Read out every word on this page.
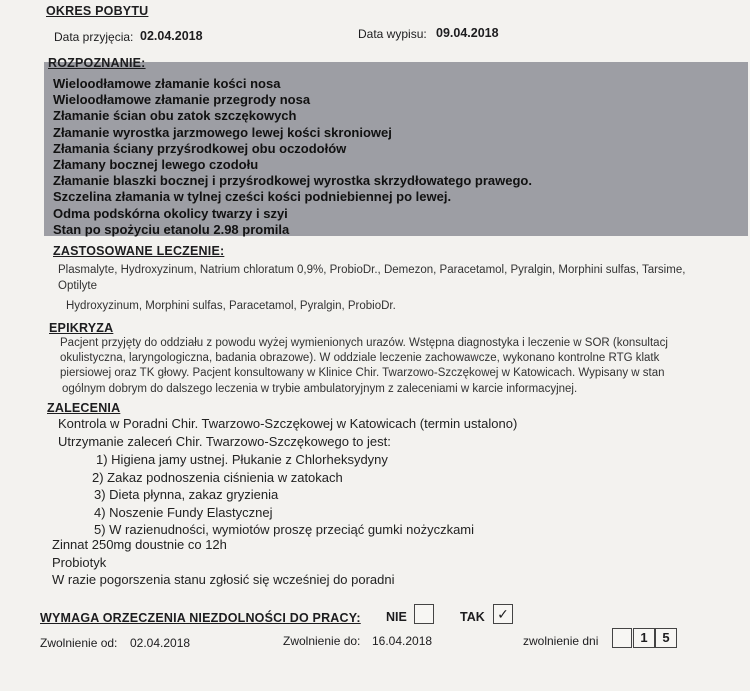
OKRES POBYTU
Data przyjęcia: 02.04.2018	Data wypisu: 09.04.2018
ROZPOZNANIE:
Wieloodłamowe złamanie kości nosa
Wieloodłamowe złamanie przegrody nosa
Złamanie ścian obu zatok szczękowych
Złamanie wyrostka jarzmowego lewej kości skroniowej
Złamania ściany przyśrodkowej obu oczodołów
Złamany bocznej lewego czodołu
Złamanie blaszki bocznej i przyśrodkowej wyrostka skrzydłowatego prawego.
Szczelina złamania w tylnej cześci kości podniebiennej po lewej.
Odma podskórna okolicy twarzy i szyi
Stan po spożyciu etanolu 2.98 promila
ZASTOSOWANE LECZENIE:
Plasmalyte, Hydroxyzinum, Natrium chloratum 0,9%, ProbioDr., Demezon, Paracetamol, Pyralgin, Morphini sulfas, Tarsime,
Optilyte
Hydroxyzinum, Morphini sulfas, Paracetamol, Pyralgin, ProbioDr.
EPIKRYZA
Pacjent przyjęty do oddziału z powodu wyżej wymienionych urazów. Wstępna diagnostyka i leczenie w SOR (konsultacj
okulistyczna, laryngologiczna, badania obrazowe). W oddziale leczenie zachowawcze, wykonano kontrolne RTG klatk
piersiowej oraz TK głowy. Pacjent konsultowany w Klinice Chir. Twarzowo-Szczękowej w Katowicach. Wypisany w stan
ogólnym dobrym do dalszego leczenia w trybie ambulatoryjnym z zaleceniami w karcie informacyjnej.
ZALECENIA
Kontrola w Poradni Chir. Twarzowo-Szczękowej w Katowicach (termin ustalono)
Utrzymanie zaleceń Chir. Twarzowo-Szczękowego to jest:
1) Higiena jamy ustnej. Płukanie z Chlorheksydyny
2) Zakaz podnoszenia ciśnienia w zatokach
3) Dieta płynna, zakaz gryzienia
4) Noszenie Fundy Elastycznej
5) W razienudności, wymiotów proszę przeciąć gumki nożyczkami
Zinnat 250mg doustnie co 12h
Probiotyk
W razie pogorszenia stanu zgłosić się wcześniej do poradni
WYMAGA ORZECZENIA NIEZDOLNOŚCI DO PRACY: NIE	TAK ✓
Zwolnienie od: 02.04.2018	Zwolnienie do: 16.04.2018	zwolnienie dni	1	5
